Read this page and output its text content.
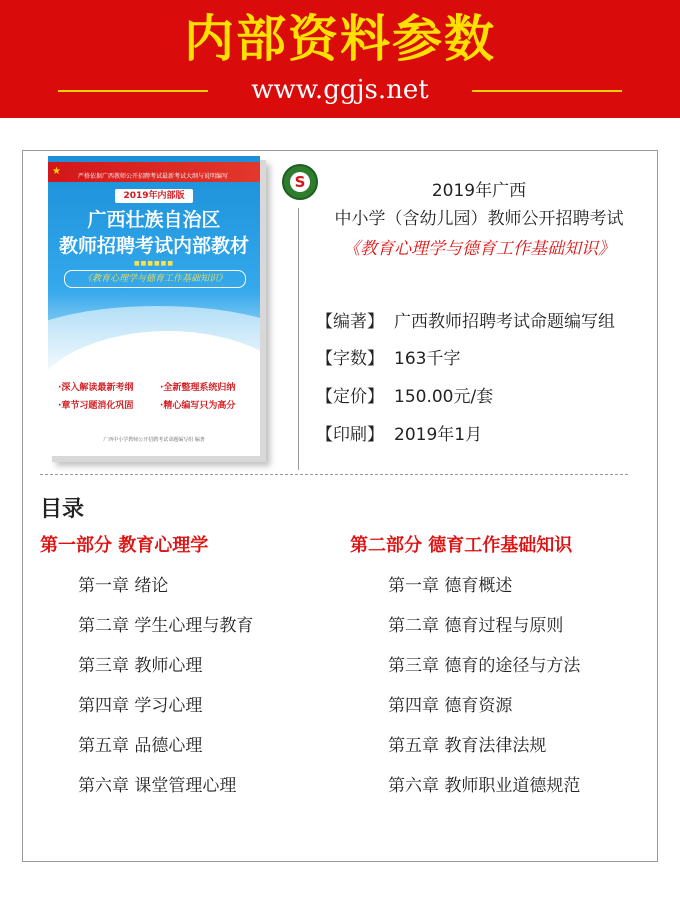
内部资料参数
www.ggjs.net
★	严格依据广西教师公开招聘考试最新考试大纲与说明编写
2019年内部版
广西壮族自治区
教师招聘考试内部教材
■■■■■■
《教育心理学与德育工作基础知识》
·深入解读最新考纲	·全新整理系统归纳
·章节习题消化巩固	·精心编写只为高分
广西中小学教师公开招聘考试命题编写组 编著
S	2019年广西
中小学（含幼儿园）教师公开招聘考试
《教育心理学与德育工作基础知识》
【编著】 广西教师招聘考试命题编写组
【字数】 163千字
【定价】 150.00元/套
【印刷】 2019年1月
目录
第一部分 教育心理学	第二部分 德育工作基础知识
第一章 绪论
第二章 学生心理与教育
第三章 教师心理
第四章 学习心理
第五章 品德心理
第六章 课堂管理心理
第一章 德育概述
第二章 德育过程与原则
第三章 德育的途径与方法
第四章 德育资源
第五章 教育法律法规
第六章 教师职业道德规范
